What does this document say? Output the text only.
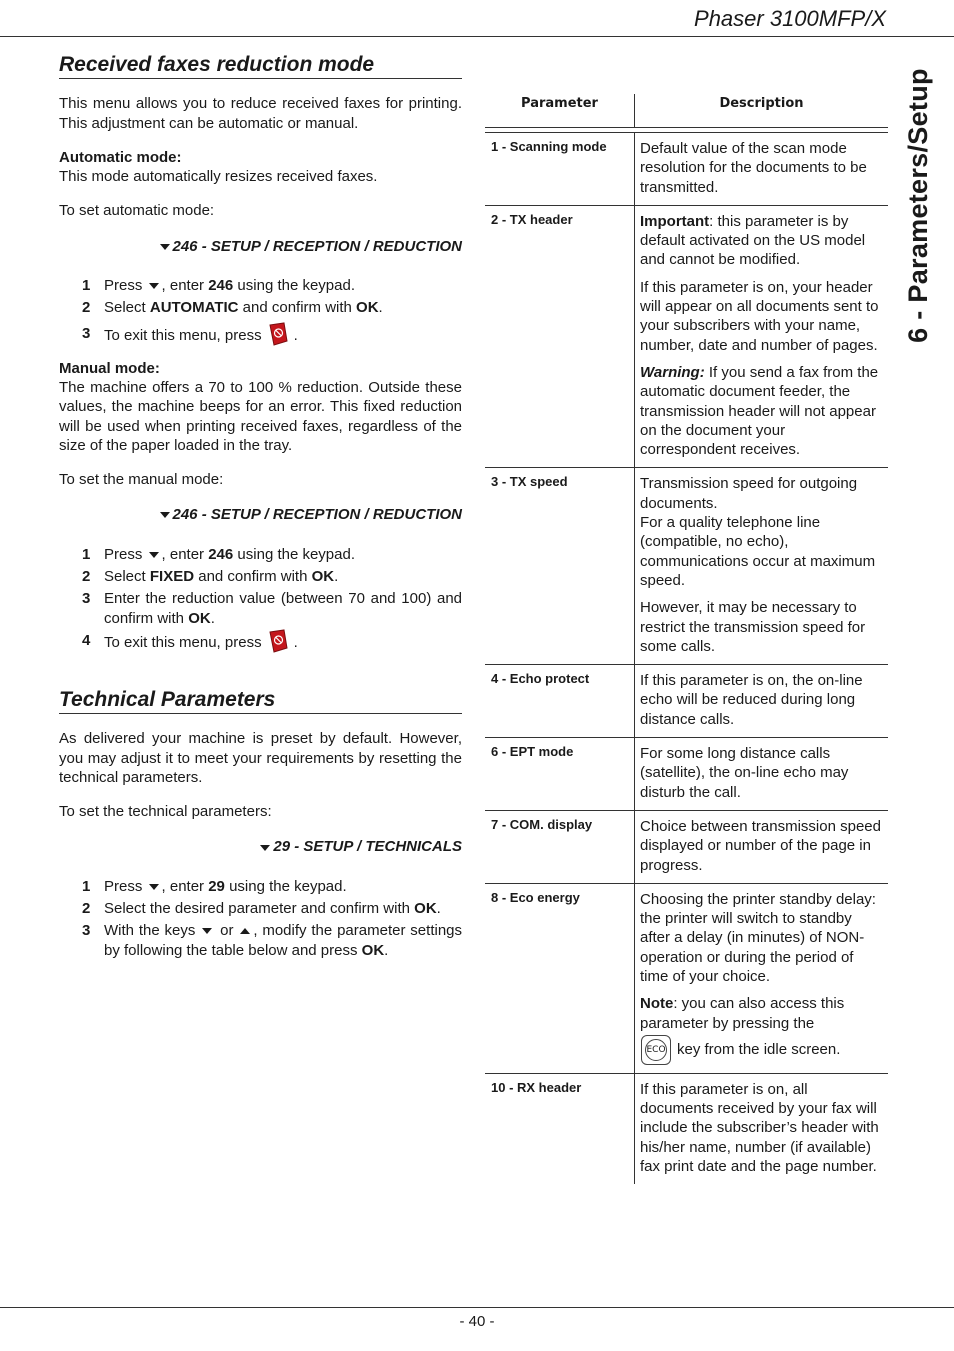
Phaser 3100MFP/X
6 - Parameters/Setup
Received faxes reduction mode

This menu allows you to reduce received faxes for printing. This adjustment can be automatic or manual.

Automatic mode:

This mode automatically resizes received faxes.

To set automatic mode:

246 - SETUP / RECEPTION / REDUCTION

1 Press , enter 246 using the keypad.
2 Select AUTOMATIC and confirm with OK.
3 To exit this menu, press .

Manual mode:

The machine offers a 70 to 100 % reduction. Outside these values, the machine beeps for an error. This fixed reduction will be used when printing received faxes, regardless of the size of the paper loaded in the tray.

To set the manual mode:

246 - SETUP / RECEPTION / REDUCTION

1 Press , enter 246 using the keypad.
2 Select FIXED and confirm with OK.
3 Enter the reduction value (between 70 and 100) and confirm with OK.
4 To exit this menu, press .
Technical Parameters

As delivered your machine is preset by default. However, you may adjust it to meet your requirements by resetting the technical parameters.

To set the technical parameters:

29 - SETUP / TECHNICALS

1 Press , enter 29 using the keypad.
2 Select the desired parameter and confirm with OK.
3 With the keys or , modify the parameter settings by following the table below and press OK.
Parameter	Description

1 - Scanning mode	Default value of the scan mode resolution for the documents to be transmitted.

2 - TX header	Important: this parameter is by default activated on the US model and cannot be modified.
If this parameter is on, your header will appear on all documents sent to your subscribers with your name, number, date and number of pages.
Warning: If you send a fax from the automatic document feeder, the transmission header will not appear on the document your correspondent receives.

3 - TX speed	Transmission speed for outgoing documents.
For a quality telephone line (compatible, no echo), communications occur at maximum speed.
However, it may be necessary to restrict the transmission speed for some calls.

4 - Echo protect	If this parameter is on, the on-line echo will be reduced during long distance calls.

6 - EPT mode	For some long distance calls (satellite), the on-line echo may disturb the call.

7 - COM. display	Choice between transmission speed displayed or number of the page in progress.

8 - Eco energy	Choosing the printer standby delay: the printer will switch to standby after a delay (in minutes) of NON-operation or during the period of time of your choice.
Note: you can also access this parameter by pressing the
ECO key from the idle screen.

10 - RX header	If this parameter is on, all documents received by your fax will include the subscriber’s header with his/her name, number (if available) fax print date and the page number.
- 40 -
